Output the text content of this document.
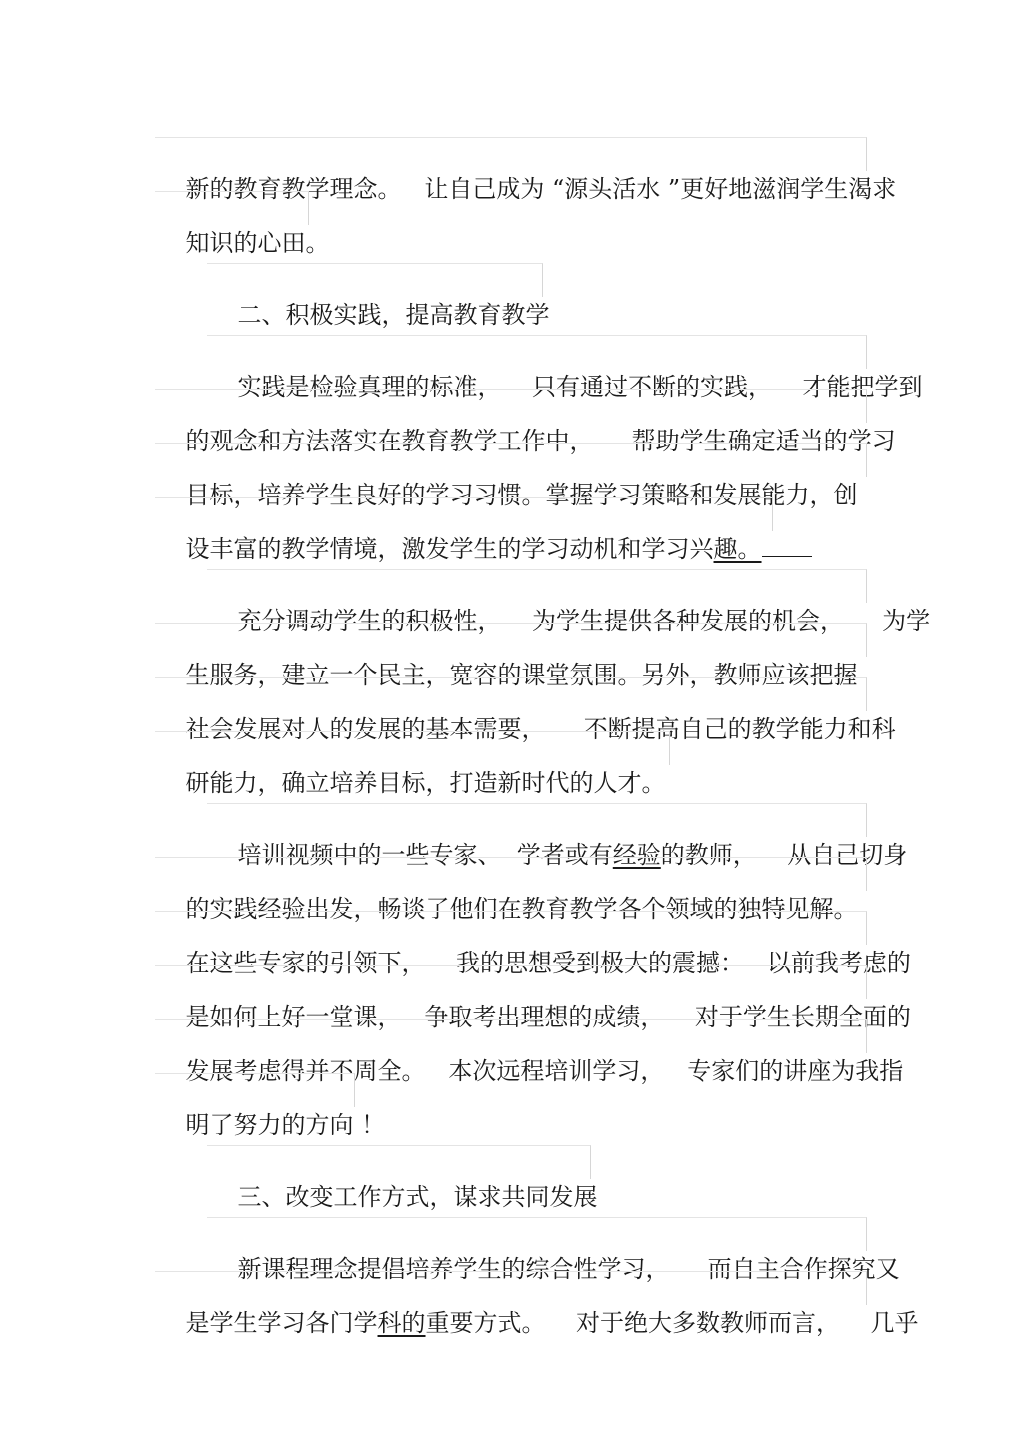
新的教育教学理念。   让自己成为 “源头活水 ”更好地滋润学生渴求

知识的心田。

二、积极实践，提高教育教学

实践是检验真理的标准，    只有通过不断的实践，    才能把学到

的观念和方法落实在教育教学工作中，     帮助学生确定适当的学习

目标，培养学生良好的学习习惯。掌握学习策略和发展能力，创

设丰富的教学情境，激发学生的学习动机和学习兴趣。

充分调动学生的积极性，    为学生提供各种发展的机会，     为学

生服务，建立一个民主，宽容的课堂氛围。另外，教师应该把握

社会发展对人的发展的基本需要，     不断提高自己的教学能力和科

研能力，确立培养目标，打造新时代的人才。

培训视频中的一些专家、  学者或有经验的教师，    从自己切身

的实践经验出发，畅谈了他们在教育教学各个领域的独特见解。

在这些专家的引领下，    我的思想受到极大的震撼：   以前我考虑的

是如何上好一堂课，   争取考出理想的成绩，    对于学生长期全面的

发展考虑得并不周全。   本次远程培训学习，   专家们的讲座为我指

明了努力的方向 ！

三、改变工作方式，谋求共同发展

新课程理念提倡培养学生的综合性学习，     而自主合作探究又

是学生学习各门学科的重要方式。    对于绝大多数教师而言，    几乎
